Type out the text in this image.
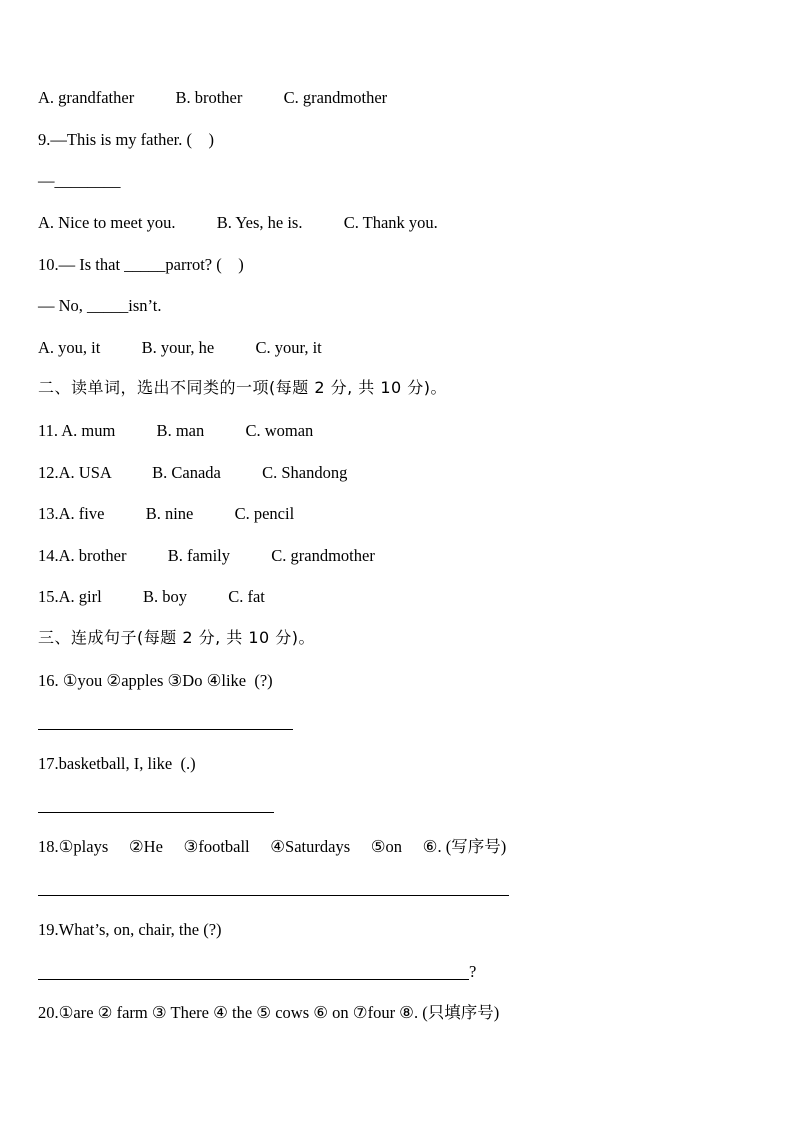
A. grandfather          B. brother          C. grandmother
9.—This is my father. (    )
—________
A. Nice to meet you.          B. Yes, he is.          C. Thank you.
10.— Is that _____parrot? (    )
— No, _____isn’t.
A. you, it          B. your, he          C. your, it
二、读单词，选出不同类的一项(每题 2 分, 共 10 分)。
11. A. mum          B. man          C. woman
12.A. USA          B. Canada          C. Shandong
13.A. five          B. nine          C. pencil
14.A. brother          B. family          C. grandmother
15.A. girl          B. boy          C. fat
三、连成句子(每题 2 分, 共 10 分)。
16. ①you ②apples ③Do ④like  (?)
17.basketball, I, like  (.)
18.①plays     ②He     ③football     ④Saturdays     ⑤on     ⑥. (写序号)
19.What’s, on, chair, the (?)
?
20.①are ② farm ③ There ④ the ⑤ cows ⑥ on ⑦four ⑧. (只填序号)
